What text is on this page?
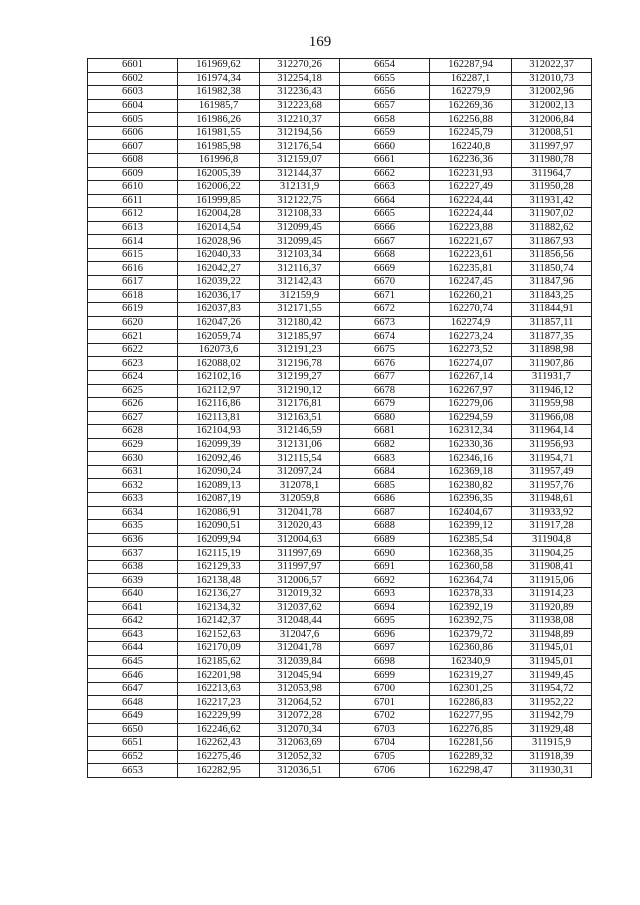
169
6601	161969,62	312270,26	6654	162287,94	312022,37
6602	161974,34	312254,18	6655	162287,1	312010,73
6603	161982,38	312236,43	6656	162279,9	312002,96
6604	161985,7	312223,68	6657	162269,36	312002,13
6605	161986,26	312210,37	6658	162256,88	312006,84
6606	161981,55	312194,56	6659	162245,79	312008,51
6607	161985,98	312176,54	6660	162240,8	311997,97
6608	161996,8	312159,07	6661	162236,36	311980,78
6609	162005,39	312144,37	6662	162231,93	311964,7
6610	162006,22	312131,9	6663	162227,49	311950,28
6611	161999,85	312122,75	6664	162224,44	311931,42
6612	162004,28	312108,33	6665	162224,44	311907,02
6613	162014,54	312099,45	6666	162223,88	311882,62
6614	162028,96	312099,45	6667	162221,67	311867,93
6615	162040,33	312103,34	6668	162223,61	311856,56
6616	162042,27	312116,37	6669	162235,81	311850,74
6617	162039,22	312142,43	6670	162247,45	311847,96
6618	162036,17	312159,9	6671	162260,21	311843,25
6619	162037,83	312171,55	6672	162270,74	311844,91
6620	162047,26	312180,42	6673	162274,9	311857,11
6621	162059,74	312185,97	6674	162273,24	311877,35
6622	162073,6	312191,23	6675	162273,52	311898,98
6623	162088,02	312196,78	6676	162274,07	311907,86
6624	162102,16	312199,27	6677	162267,14	311931,7
6625	162112,97	312190,12	6678	162267,97	311946,12
6626	162116,86	312176,81	6679	162279,06	311959,98
6627	162113,81	312163,51	6680	162294,59	311966,08
6628	162104,93	312146,59	6681	162312,34	311964,14
6629	162099,39	312131,06	6682	162330,36	311956,93
6630	162092,46	312115,54	6683	162346,16	311954,71
6631	162090,24	312097,24	6684	162369,18	311957,49
6632	162089,13	312078,1	6685	162380,82	311957,76
6633	162087,19	312059,8	6686	162396,35	311948,61
6634	162086,91	312041,78	6687	162404,67	311933,92
6635	162090,51	312020,43	6688	162399,12	311917,28
6636	162099,94	312004,63	6689	162385,54	311904,8
6637	162115,19	311997,69	6690	162368,35	311904,25
6638	162129,33	311997,97	6691	162360,58	311908,41
6639	162138,48	312006,57	6692	162364,74	311915,06
6640	162136,27	312019,32	6693	162378,33	311914,23
6641	162134,32	312037,62	6694	162392,19	311920,89
6642	162142,37	312048,44	6695	162392,75	311938,08
6643	162152,63	312047,6	6696	162379,72	311948,89
6644	162170,09	312041,78	6697	162360,86	311945,01
6645	162185,62	312039,84	6698	162340,9	311945,01
6646	162201,98	312045,94	6699	162319,27	311949,45
6647	162213,63	312053,98	6700	162301,25	311954,72
6648	162217,23	312064,52	6701	162286,83	311952,22
6649	162229,99	312072,28	6702	162277,95	311942,79
6650	162246,62	312070,34	6703	162276,85	311929,48
6651	162262,43	312063,69	6704	162281,56	311915,9
6652	162275,46	312052,32	6705	162289,32	311918,39
6653	162282,95	312036,51	6706	162298,47	311930,31
